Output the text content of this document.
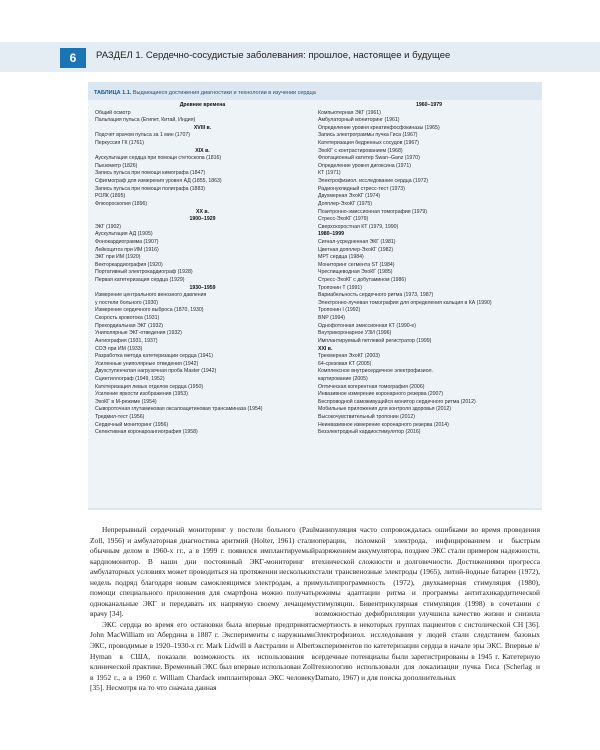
6	РАЗДЕЛ 1. Сердечно-сосудистые заболевания: прошлое, настоящее и будущее
ТАБЛИЦА 1.1. Выдающиеся достижения диагностики и технологии в изучении сердца
Древние времена
Общий осмотр
Пальпация пульса (Египет, Китай, Индия)
XVIII в.
Подсчет врачом пульса за 1 мин (1707)
Перкуссия ГК (1761)
XIX в.
Аускультация сердца при помощи стетоскопа (1816)
Пьезометр (1826)
Запись пульса при помощи кимографа (1847)
Сфигмограф для измерения уровня АД (1855, 1863)
Запись пульса при помощи полиграфа (1883)
РОЛК (1895)
Флюороскопия (1896)
XX в.
1900–1929
ЭКГ (1902)
Аускультация АД (1905)
Фонокардиограмма (1907)
Лейкоцитоз при ИМ (1916)
ЭКГ при ИМ (1920)
Векторкардиография (1920)
Портативный электрокардиограф (1928)
Первая катетеризация сердца (1929)
1930–1959
Измерение центрального венозного давления
у постели больного (1930)
Измерение сердечного выброса (1870, 1930)
Скорость кровотока (1931)
Прекордиальная ЭКГ (1932)
Униполярные ЭКГ-отведения (1932)
Ангиография (1931, 1937)
СОЭ при ИМ (1933)
Разработка метода катетеризации сердца (1941)
Усиленные униполярные отведения (1942)
Двухступенчатая нагрузочная проба Master (1942)
Сцинтиллограф (1949, 1952)
Катетеризация левых отделов сердца (1950)
Усиление яркости изображения (1953)
ЭхоКГ в М-режиме (1954)
Сывороточная глутаминовая оксалоацетиновая трансаминаза (1954)
Тредмил-тест (1956)
Сердечный мониторинг (1956)
Селективная коронароангиография (1958)
1960–1979
Компьютерная ЭКГ (1961)
Амбулаторный мониторинг (1961)
Определение уровня креатинфосфокиназы (1965)
Запись электрограммы пучка Гиса (1967)
Катетеризация бедренных сосудов (1967)
ЭхоКГ с контрастированием (1968)
Флотационный катетер Swan–Ganz (1970)
Определение уровня дигоксина (1971)
КТ (1971)
Электрофизиол. исследование сердца (1972)
Радионуклидный стресс-тест (1973)
Двухмерная ЭхоКГ (1974)
Допплер-ЭхоКГ (1975)
Позитронно-эмиссионная томография (1979)
Стресс-ЭхоКГ (1979)
Сверхскоростная КТ (1979, 1990)
1980–1999
Сигнал-усредненная ЭКГ (1981)
Цветная допплер-ЭхоКГ (1982)
МРТ сердца (1984)
Мониторинг сегмента ST (1984)
Чреспищеводная ЭхоКГ (1985)
Стресс-ЭхоКГ с добутамином (1986)
Тропонин Т (1991)
Вариабельность сердечного ритма (1973, 1987)
Электронно-лучевая томография для определения кальция в КА (1990)
Тропонин I (1992)
BNP (1994)
Однофотонная эмиссионная КТ (1990-е)
Внутрикоронарное УЗИ (1996)
Имплантируемый петлевой регистратор (1999)
XXI в.
Трехмерная ЭхоКГ (2003)
64-срезовая КТ (2005)
Комплексное внутрисердечное электрофизиол.
картирование (2005)
Оптическая когерентная томография (2006)
Инвазивное измерение коронарного резерва (2007)
Беспроводной саможивущийся монитор сердечного ритма (2012)
Мобильные приложения для контроля здоровья (2012)
Высокочувствительный тропонин (2012)
Неинвазивное измерение коронарного резерва (2014)
Безэлектродный кардиостимулятор (2016)

Непрерывный сердечный мониторинг у постели больного (Paul Zoll, 1956) и амбулаторная диагностика аритмий (Holter, 1961) стали обычным делом в 1960-х гг., а в 1999 г. появился имплантируемый кардиомонитор. В наши дни постоянный ЭКГ-мониторинг в амбулаторных условиях может проводиться на протяжении нескольких недель подряд благодаря новым самоклеящимся электродам, а при помощи специального приложения для смартфона можно получать одноканальные ЭКГ и передавать их напрямую своему лечащему врачу [34].

ЭКС сердца во время его остановки была впервые предпринята John MacWilliam из Абердина в 1887 г. Эксперименты с наружными ЭКС, проводимые в 1920–1930-х гг. Mark Lidwill в Австралии и Albert Hyman в США, показали возможность их использования в клинической практике. Временный ЭКС был впервые использован Zoll в 1952 г., а в 1960 г. William Chardack имплантировал ЭКС человеку [35]. Несмотря на то что сначала данная

манипуляция часто сопровождалась ошибками во время проведения операции, поломкой электрода, инфицированием и быстрым разряжением аккумулятора, позднее ЭКС стали примером надежности, технической сложности и долговечности. Достижениями прогресса стали трансвенозные электроды (1965), литий-йодные батареи (1972), мультипрограммность (1972), двухкамерная стимуляция (1980), режимы адаптации ритма и программы антитахикардитической стимуляции. Бивентрикулярная стимуляция (1998) в сочетании с возможностью дефибрилляции улучшила качество жизни и снизила смертность в некоторых группах пациентов с систолической СН [36]. Электрофизиол. исследования у людей стали следствием базовых экспериментов по катетеризации сердца в начале эры ЭКС. Впервые в/сердечные потенциалы были зарегистрированы в 1945 г. Катетерную технологию использовали для локализации пучка Гиса (Scherlag и Damato, 1967) и для поиска дополнительных
